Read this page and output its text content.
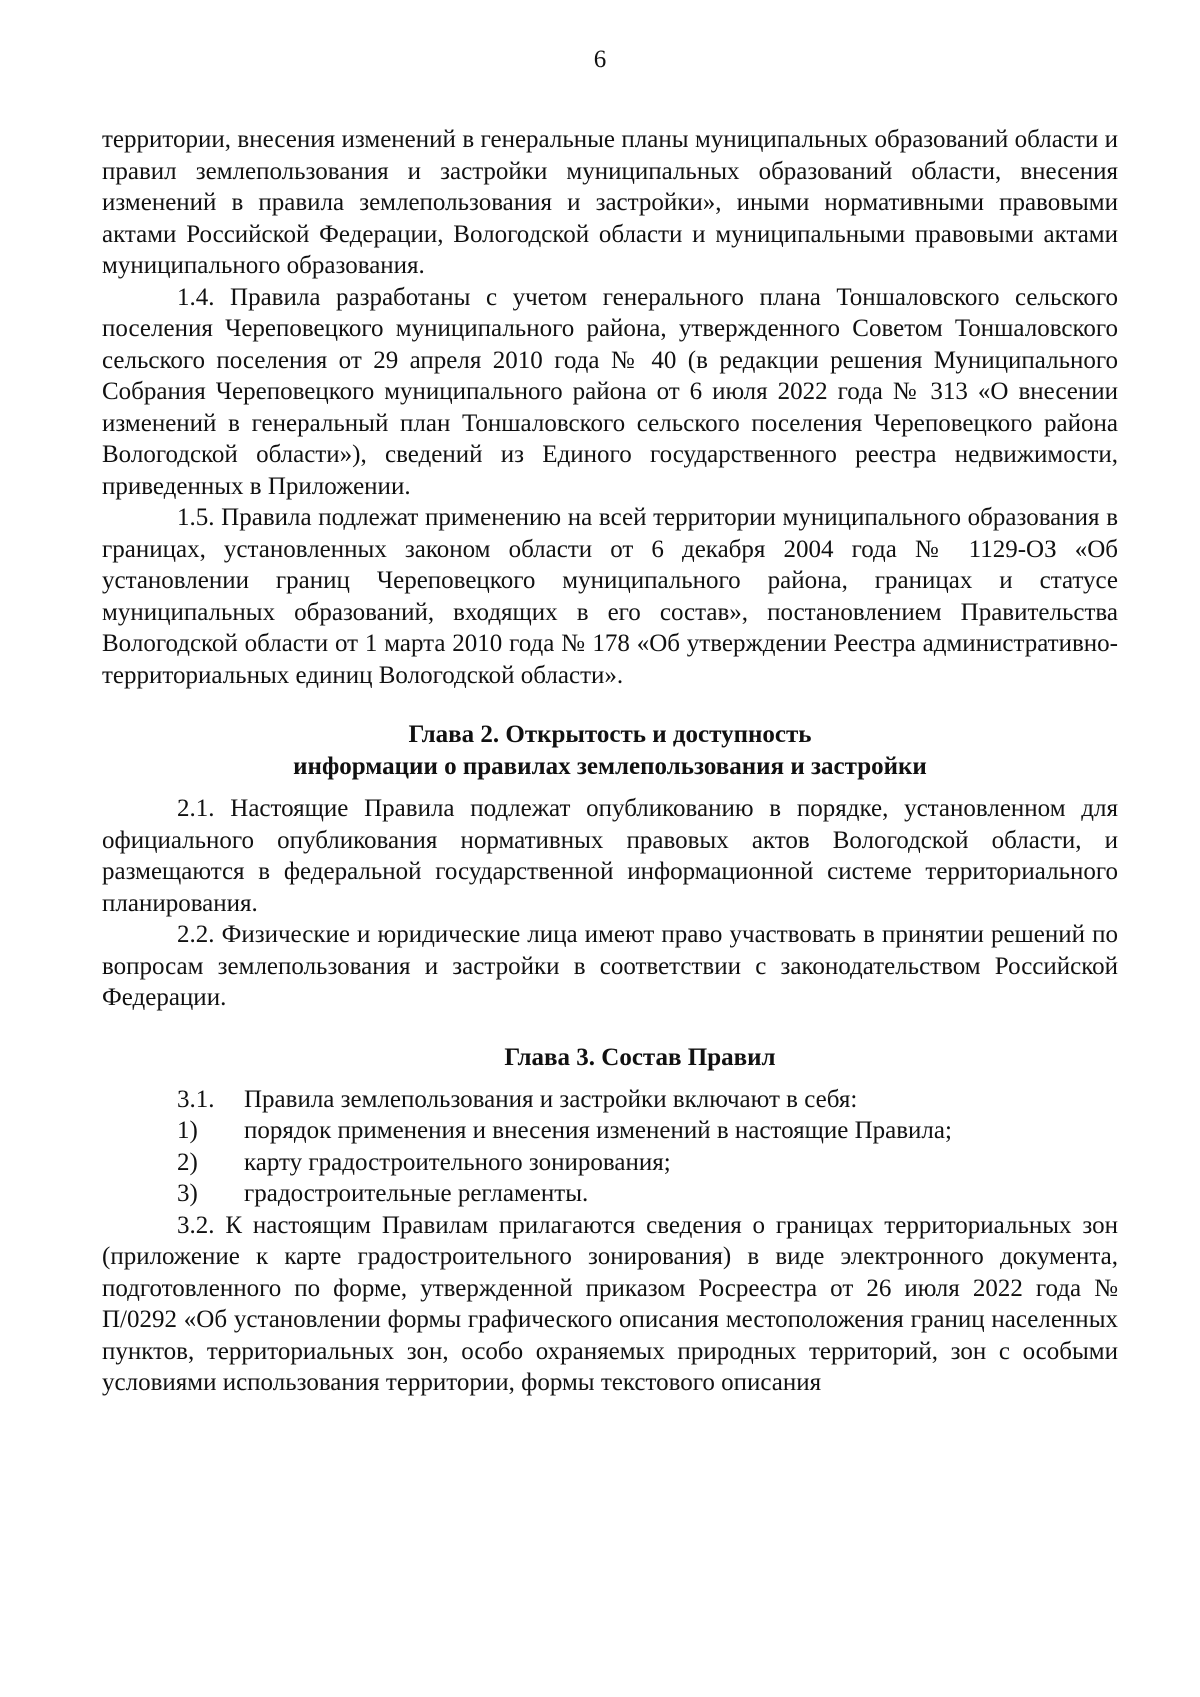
6

территории, внесения изменений в генеральные планы муниципальных образований области и правил землепользования и застройки муниципальных образований области, внесения изменений в правила землепользования и застройки», иными нормативными правовыми актами Российской Федерации, Вологодской области и муниципальными правовыми актами муниципального образования.

1.4. Правила разработаны с учетом генерального плана Тоншаловского сельского поселения Череповецкого муниципального района, утвержденного Советом Тоншаловского сельского поселения от 29 апреля 2010 года № 40 (в редакции решения Муниципального Собрания Череповецкого муниципального района от 6 июля 2022 года № 313 «О внесении изменений в генеральный план Тоншаловского сельского поселения Череповецкого района Вологодской области»), сведений из Единого государственного реестра недвижимости, приведенных в Приложении.

1.5. Правила подлежат применению на всей территории муниципального образования в границах, установленных законом области от 6 декабря 2004 года № 1129-ОЗ «Об установлении границ Череповецкого муниципального района, границах и статусе муниципальных образований, входящих в его состав», постановлением Правительства Вологодской области от 1 марта 2010 года № 178 «Об утверждении Реестра административно-территориальных единиц Вологодской области».

Глава 2. Открытость и доступность
информации о правилах землепользования и застройки

2.1. Настоящие Правила подлежат опубликованию в порядке, установленном для официального опубликования нормативных правовых актов Вологодской области, и размещаются в федеральной государственной информационной системе территориального планирования.

2.2. Физические и юридические лица имеют право участвовать в принятии решений по вопросам землепользования и застройки в соответствии с законодательством Российской Федерации.

Глава 3. Состав Правил
3.1. Правила землепользования и застройки включают в себя:
1) порядок применения и внесения изменений в настоящие Правила;
2) карту градостроительного зонирования;
3) градостроительные регламенты.

3.2. К настоящим Правилам прилагаются сведения о границах территориальных зон (приложение к карте градостроительного зонирования) в виде электронного документа, подготовленного по форме, утвержденной приказом Росреестра от 26 июля 2022 года № П/0292 «Об установлении формы графического описания местоположения границ населенных пунктов, территориальных зон, особо охраняемых природных территорий, зон с особыми условиями использования территории, формы текстового описания
